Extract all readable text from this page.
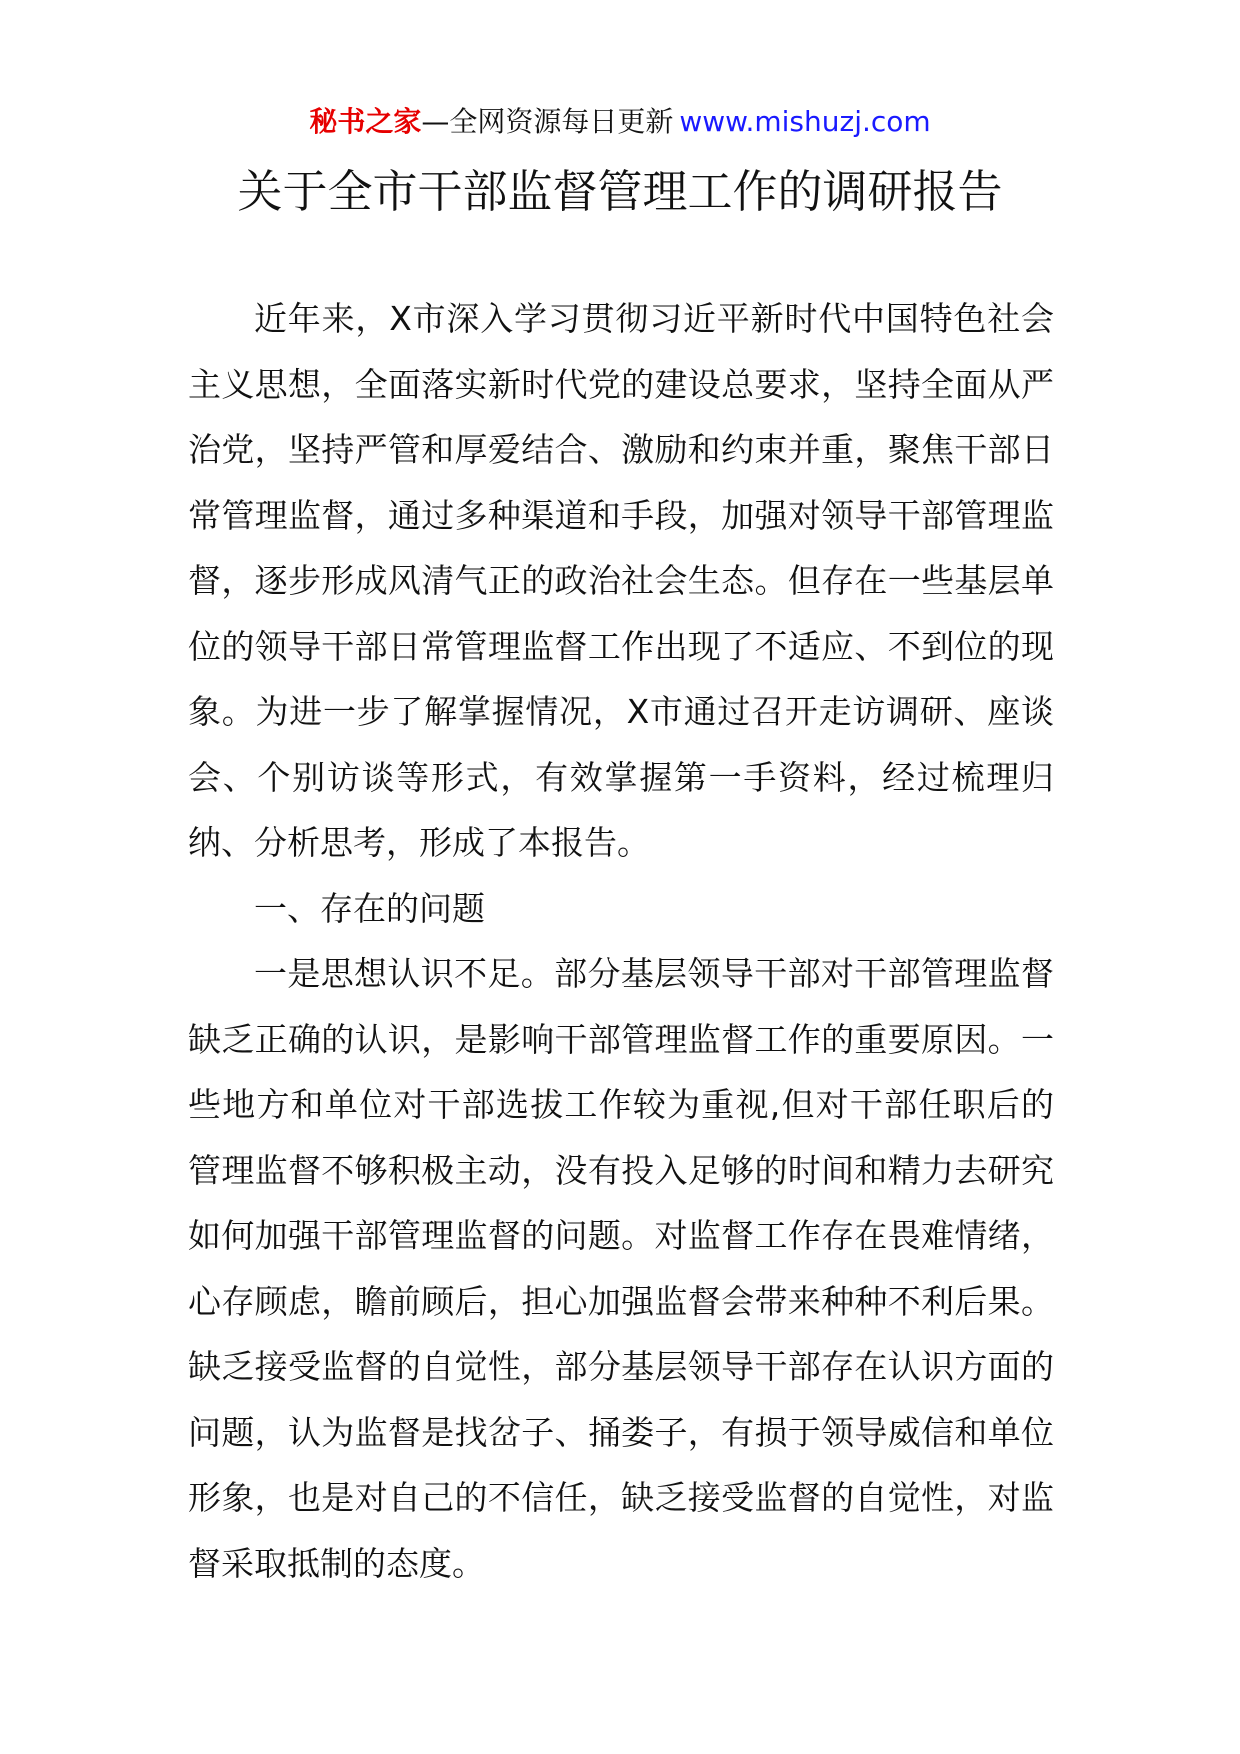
秘书之家—全网资源每日更新 www.mishuzj.com
关于全市干部监督管理工作的调研报告

近年来，X市深入学习贯彻习近平新时代中国特色社会主义思想，全面落实新时代党的建设总要求，坚持全面从严治党，坚持严管和厚爱结合、激励和约束并重，聚焦干部日常管理监督，通过多种渠道和手段，加强对领导干部管理监督，逐步形成风清气正的政治社会生态。但存在一些基层单位的领导干部日常管理监督工作出现了不适应、不到位的现象。为进一步了解掌握情况，X市通过召开走访调研、座谈会、个别访谈等形式，有效掌握第一手资料，经过梳理归纳、分析思考，形成了本报告。

一、存在的问题

一是思想认识不足。部分基层领导干部对干部管理监督缺乏正确的认识，是影响干部管理监督工作的重要原因。一些地方和单位对干部选拔工作较为重视,但对干部任职后的管理监督不够积极主动，没有投入足够的时间和精力去研究如何加强干部管理监督的问题。对监督工作存在畏难情绪，心存顾虑，瞻前顾后，担心加强监督会带来种种不利后果。缺乏接受监督的自觉性，部分基层领导干部存在认识方面的问题，认为监督是找岔子、捅娄子，有损于领导威信和单位形象，也是对自己的不信任，缺乏接受监督的自觉性，对监督采取抵制的态度。
